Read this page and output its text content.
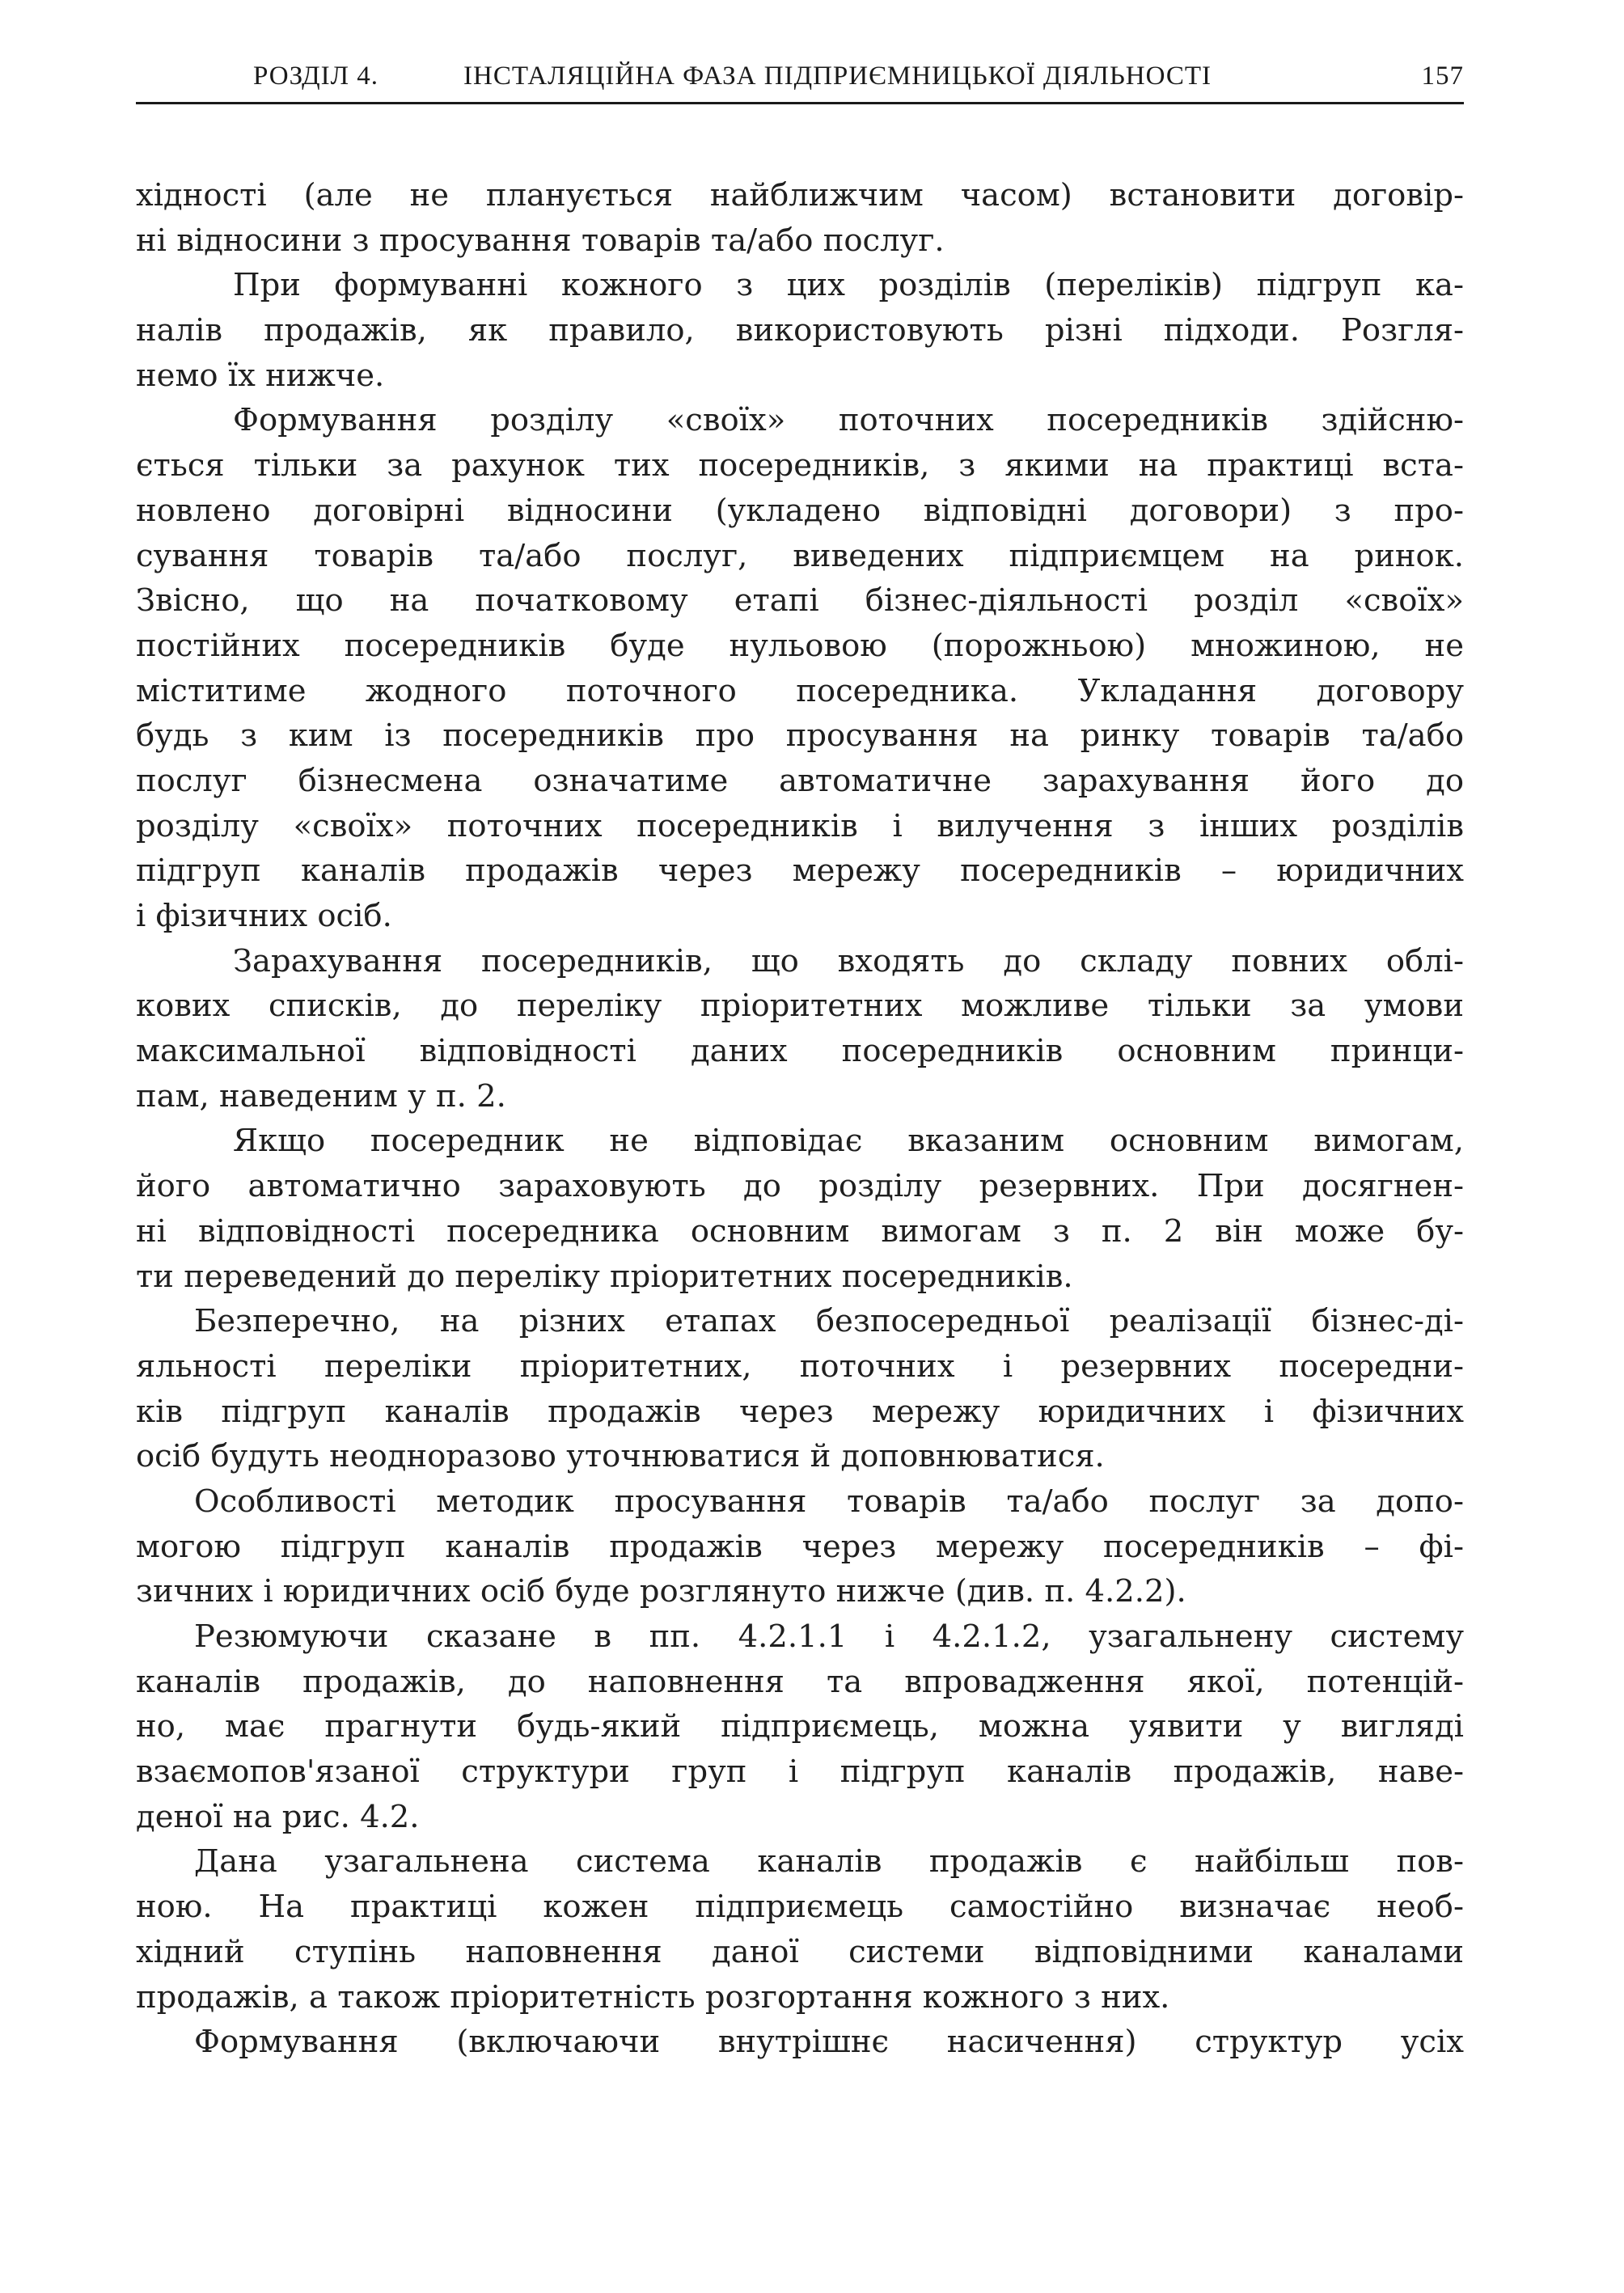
РОЗДІЛ 4.	ІНСТАЛЯЦІЙНА ФАЗА ПІДПРИЄМНИЦЬКОЇ ДІЯЛЬНОСТІ	157
хідності (але не планується найближчим часом) встановити договір-
ні відносини з просування товарів та/або послуг.
При формуванні кожного з цих розділів (переліків) підгруп ка-
налів продажів, як правило, використовують різні підходи. Розгля-
немо їх нижче.
Формування розділу «своїх» поточних посередників здійсню-
ється тільки за рахунок тих посередників, з якими на практиці вста-
новлено договірні відносини (укладено відповідні договори) з про-
сування товарів та/або послуг, виведених підприємцем на ринок.
Звісно, що на початковому етапі бізнес-діяльності розділ «своїх»
постійних посередників буде нульовою (порожньою) множиною, не
міститиме жодного поточного посередника. Укладання договору
будь з ким із посередників про просування на ринку товарів та/або
послуг бізнесмена означатиме автоматичне зарахування його до
розділу «своїх» поточних посередників і вилучення з інших розділів
підгруп каналів продажів через мережу посередників – юридичних
і фізичних осіб.
Зарахування посередників, що входять до складу повних облі-
кових списків, до переліку пріоритетних можливе тільки за умови
максимальної відповідності даних посередників основним принци-
пам, наведеним у п. 2.
Якщо посередник не відповідає вказаним основним вимогам,
його автоматично зараховують до розділу резервних. При досягнен-
ні відповідності посередника основним вимогам з п. 2 він може бу-
ти переведений до переліку пріоритетних посередників.
Безперечно, на різних етапах безпосередньої реалізації бізнес-ді-
яльності переліки пріоритетних, поточних і резервних посередни-
ків підгруп каналів продажів через мережу юридичних і фізичних
осіб будуть неодноразово уточнюватися й доповнюватися.
Особливості методик просування товарів та/або послуг за допо-
могою підгруп каналів продажів через мережу посередників – фі-
зичних і юридичних осіб буде розглянуто нижче (див. п. 4.2.2).
Резюмуючи сказане в пп. 4.2.1.1 і 4.2.1.2, узагальнену систему
каналів продажів, до наповнення та впровадження якої, потенцій-
но, має прагнути будь-який підприємець, можна уявити у вигляді
взаємопов'язаної структури груп і підгруп каналів продажів, наве-
деної на рис. 4.2.
Дана узагальнена система каналів продажів є найбільш пов-
ною. На практиці кожен підприємець самостійно визначає необ-
хідний ступінь наповнення даної системи відповідними каналами
продажів, а також пріоритетність розгортання кожного з них.
Формування (включаючи внутрішнє насичення) структур усіх
